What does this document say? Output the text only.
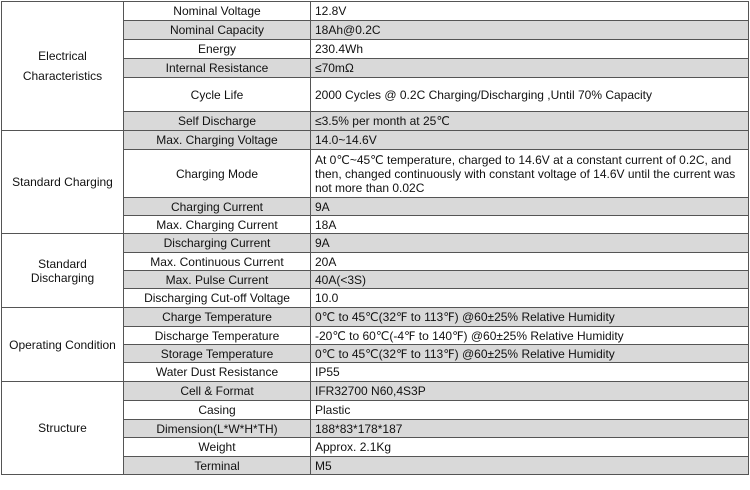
Electrical
Characteristics	Nominal Voltage	12.8V
	Nominal Capacity	18Ah@0.2C
	Energy	230.4Wh
	Internal Resistance	≤70mΩ
	Cycle Life	2000 Cycles @ 0.2C Charging/Discharging ,Until 70% Capacity
	Self Discharge	≤3.5% per month at 25℃

Standard Charging	Max. Charging Voltage	14.0~14.6V
	Charging Mode	At 0℃~45℃ temperature, charged to 14.6V at a constant current of 0.2C, and then, changed continuously with constant voltage of 14.6V until the current was not more than 0.02C
	Charging Current	9A
	Max. Charging Current	18A

Standard Discharging	Discharging Current	9A
	Max. Continuous Current	20A
	Max. Pulse Current	40A(<3S)
	Discharging Cut-off Voltage	10.0

Operating Condition	Charge Temperature	0℃ to 45℃(32℉ to 113℉) @60±25% Relative Humidity
	Discharge Temperature	-20℃ to 60℃(-4℉ to 140℉) @60±25% Relative Humidity
	Storage Temperature	0℃ to 45℃(32℉ to 113℉) @60±25% Relative Humidity
	Water Dust Resistance	IP55

Structure	Cell & Format	IFR32700 N60,4S3P
	Casing	Plastic
	Dimension(L*W*H*TH)	188*83*178*187
	Weight	Approx. 2.1Kg
	Terminal	M5
